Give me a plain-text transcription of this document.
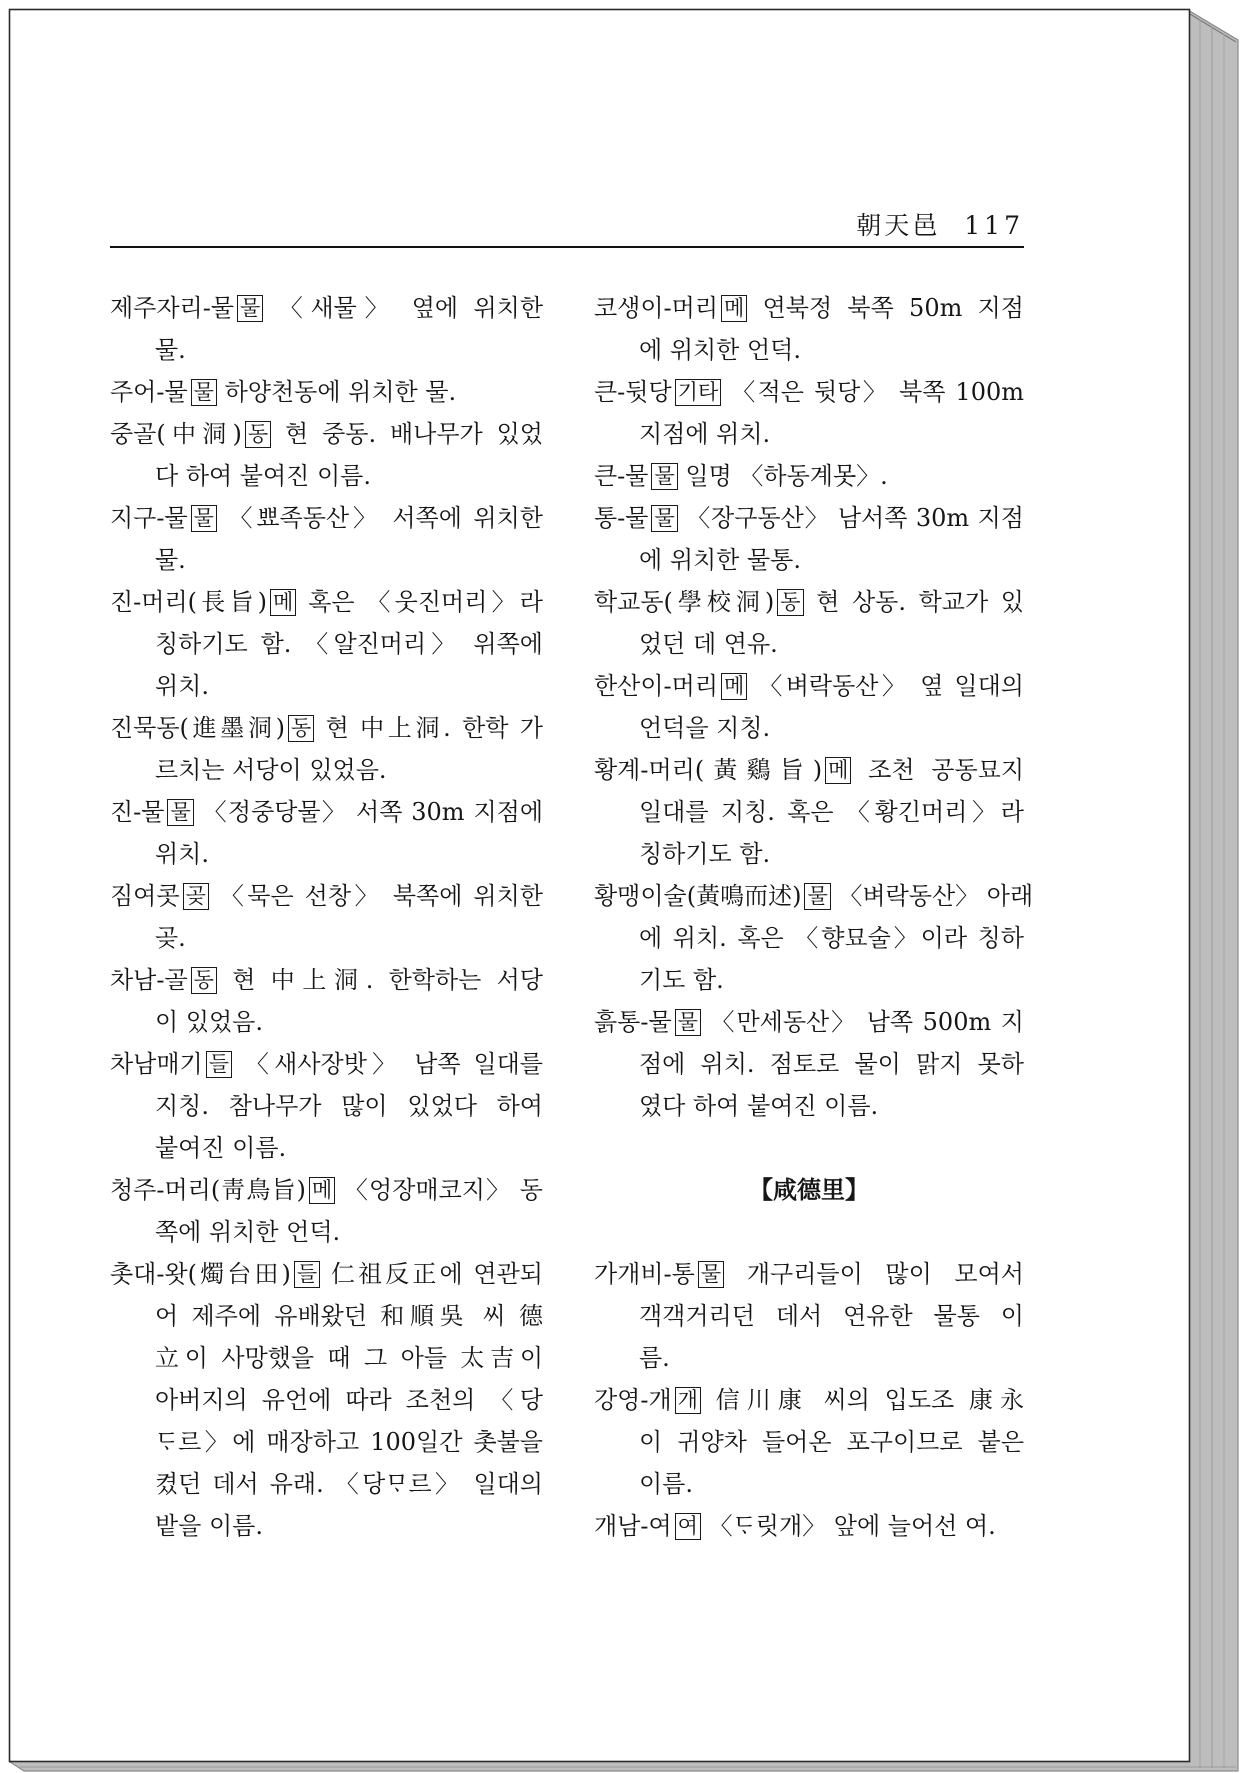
朝天邑 117
제주자리-물 물 〈새물〉 옆에 위치한
물.
주어-물 물 하양천동에 위치한 물.
중골(中洞) 동 현 중동. 배나무가 있었
다 하여 붙여진 이름.
지구-물 물 〈뾰족동산〉 서쪽에 위치한
물.
진-머리(長旨) 메 혹은 〈웃진머리〉라
칭하기도 함. 〈알진머리〉 위쪽에
위치.
진묵동(進墨洞) 동 현 中上洞. 한학 가
르치는 서당이 있었음.
진-물 물 〈정중당물〉 서쪽 30m 지점에
위치.
짐여콧 곶 〈묵은 선창〉 북쪽에 위치한
곶.
차남-골 동 현 中上洞. 한학하는 서당
이 있었음.
차남매기 들 〈새사장밧〉 남쪽 일대를
지칭. 참나무가 많이 있었다 하여
붙여진 이름.
청주-머리(靑鳥旨) 메 〈엉장매코지〉 동
쪽에 위치한 언덕.
촛대-왓(燭台田) 들 仁祖反正에 연관되
어 제주에 유배왔던 和順吳 씨 德
立이 사망했을 때 그 아들 太吉이
아버지의 유언에 따라 조천의 〈당
ᄃᆞ르〉에 매장하고 100일간 촛불을
켰던 데서 유래. 〈당ᄆᆞ르〉 일대의
밭을 이름.
코생이-머리 메 연북정 북쪽 50m 지점
에 위치한 언덕.
큰-뒷당 기타 〈적은 뒷당〉 북쪽 100m
지점에 위치.
큰-물 물 일명 〈하동계못〉.
통-물 물 〈장구동산〉 남서쪽 30m 지점
에 위치한 물통.
학교동(學校洞) 동 현 상동. 학교가 있
었던 데 연유.
한산이-머리 메 〈벼락동산〉 옆 일대의
언덕을 지칭.
황계-머리(黃鷄旨) 메 조천 공동묘지
일대를 지칭. 혹은 〈황긴머리〉라
칭하기도 함.
황맹이술(黃鳴而述) 물 〈벼락동산〉 아래
에 위치. 혹은 〈향묘술〉이라 칭하
기도 함.
흙통-물 물 〈만세동산〉 남쪽 500m 지
점에 위치. 점토로 물이 맑지 못하
였다 하여 붙여진 이름.
【咸德里】
가개비-통 물 개구리들이 많이 모여서
객객거리던 데서 연유한 물통 이
름.
강영-개 개 信川康 씨의 입도조 康永
이 귀양차 들어온 포구이므로 붙은
이름.
개남-여 여 〈ᄃᆞ릿개〉 앞에 늘어선 여.
